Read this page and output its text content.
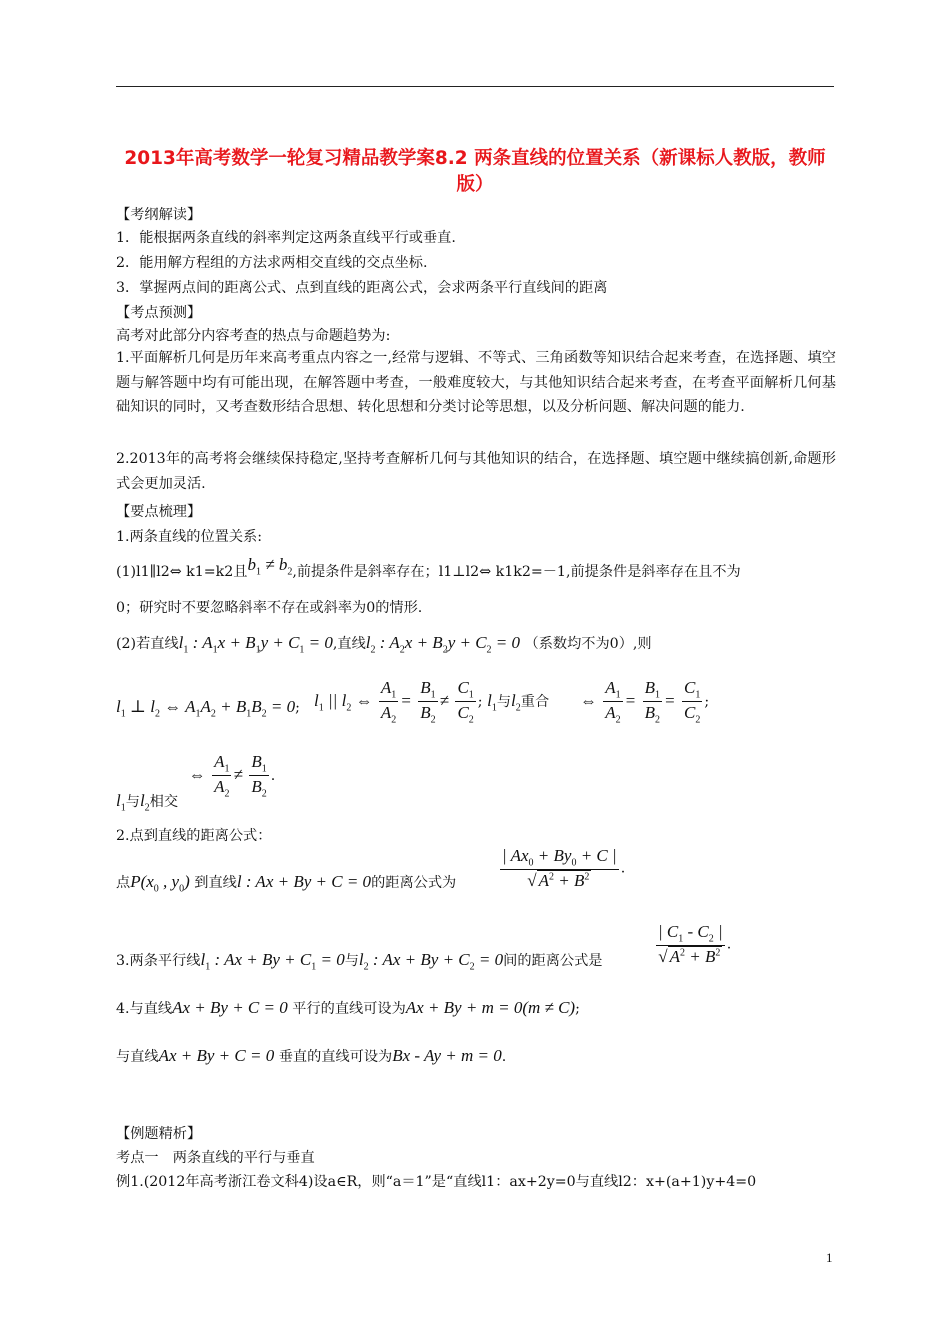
2013年高考数学一轮复习精品教学案8.2 两条直线的位置关系（新课标人教版，教师版）
【考纲解读】
1．能根据两条直线的斜率判定这两条直线平行或垂直.
2．能用解方程组的方法求两相交直线的交点坐标.
3．掌握两点间的距离公式、点到直线的距离公式，会求两条平行直线间的距离
【考点预测】
高考对此部分内容考查的热点与命题趋势为:
1.平面解析几何是历年来高考重点内容之一,经常与逻辑、不等式、三角函数等知识结合起来考查，在选择题、填空题与解答题中均有可能出现，在解答题中考查，一般难度较大，与其他知识结合起来考查，在考查平面解析几何基础知识的同时，又考查数形结合思想、转化思想和分类讨论等思想，以及分析问题、解决问题的能力.
2.2013年的高考将会继续保持稳定,坚持考查解析几何与其他知识的结合，在选择题、填空题中继续搞创新,命题形式会更加灵活.
【要点梳理】
1.两条直线的位置关系:
(1)l1∥l2⇔ k1=k2且$b_1 \ne b_2$,前提条件是斜率存在；l1⊥l2⇔ k1k2=－1,前提条件是斜率存在且不为
0；研究时不要忽略斜率不存在或斜率为0的情形.
(2)若直线$l_1$ : $A_1x + B_1y + C_1 = 0$,直线$l_2$ : $A_2x + B_2y + C_2 = 0$ （系数均不为0）,则
$l_1$ ⊥ $l_2$ ⇔ $A_1A_2 + B_1B_2 = 0$; $l_1$ || $l_2$ ⇔ $\frac{A_1}{A_2} = \frac{B_1}{B_2} \ne \frac{C_1}{C_2}$ ; $l_1$与$l_2$重合 ⇔ $\frac{A_1}{A_2} = \frac{B_1}{B_2} = \frac{C_1}{C_2}$ ;
$l_1$与$l_2$相交 ⇔ $\frac{A_1}{A_2} \ne \frac{B_1}{B_2}$ .
2.点到直线的距离公式：
点$P(x_0$ , $y_0$) 到直线l : Ax + By + C = 0的距离公式为	$\frac{| Ax_0 + By_0 + C |}{√ A^2 + B^2}$ .
3.两条平行线$l_1$ : $Ax + By + C_1 = 0$与$l_2$ : $Ax + By + C_2 = 0$间的距离公式是	$\frac{| C_1 - C_2 |}{√ A^2 + B^2}$ .
4.与直线Ax + By + C = 0 平行的直线可设为Ax + By + m = 0(m ≠ C);
与直线Ax + By + C = 0 垂直的直线可设为Bx - Ay + m = 0.
【例题精析】
考点一　两条直线的平行与垂直
例1.(2012年高考浙江卷文科4)设a∈R，则“a＝1”是“直线l1：ax+2y=0与直线l2：x+(a+1)y+4=0
1
